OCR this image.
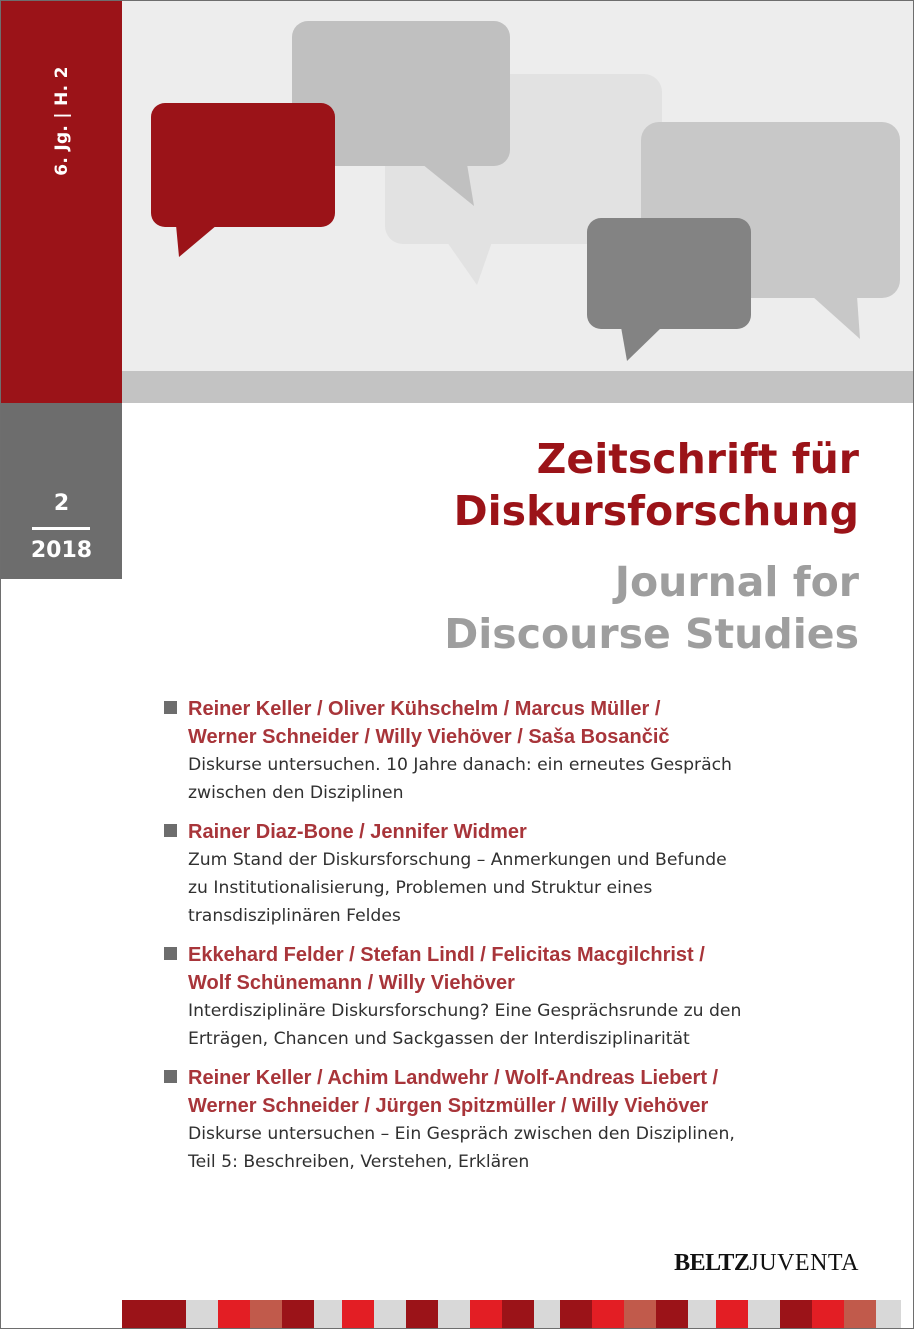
6. Jg. | H. 2
2
2018
Zeitschrift für
Diskursforschung
Journal for
Discourse Studies
Reiner Keller / Oliver Kühschelm / Marcus Müller /
Werner Schneider / Willy Viehöver / Saša Bosančič
Diskurse untersuchen. 10 Jahre danach: ein erneutes Gespräch
zwischen den Disziplinen
Rainer Diaz-Bone / Jennifer Widmer
Zum Stand der Diskursforschung – Anmerkungen und Befunde
zu Institutionalisierung, Problemen und Struktur eines
transdisziplinären Feldes
Ekkehard Felder / Stefan Lindl / Felicitas Macgilchrist /
Wolf Schünemann / Willy Viehöver
Interdisziplinäre Diskursforschung? Eine Gesprächsrunde zu den
Erträgen, Chancen und Sackgassen der Interdisziplinarität
Reiner Keller / Achim Landwehr / Wolf-Andreas Liebert /
Werner Schneider / Jürgen Spitzmüller / Willy Viehöver
Diskurse untersuchen – Ein Gespräch zwischen den Disziplinen,
Teil 5: Beschreiben, Verstehen, Erklären
BELTZJUVENTA
